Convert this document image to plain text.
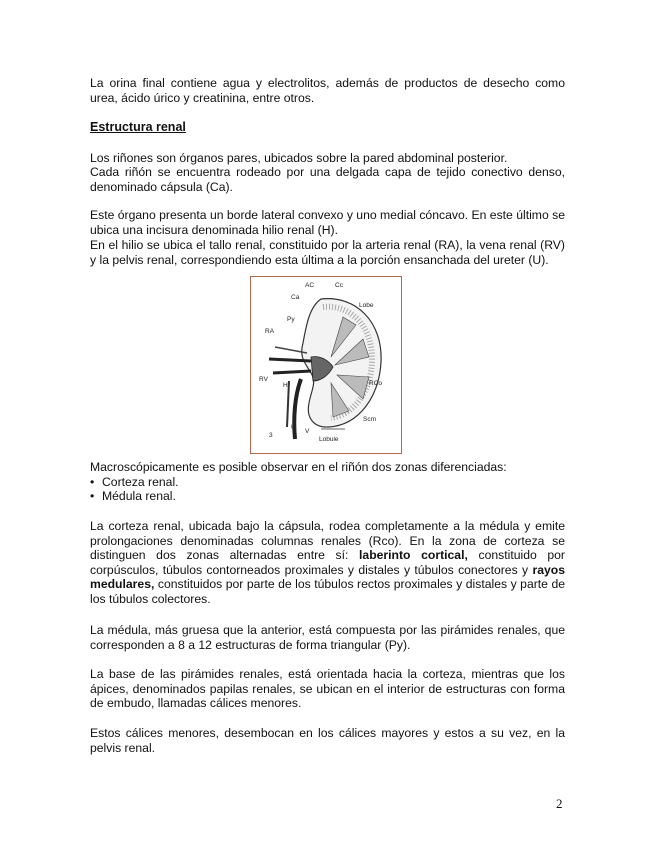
La orina final contiene agua y electrolitos, además de productos de desecho como urea, ácido úrico y creatinina, entre otros.

Estructura renal

Los riñones son órganos pares, ubicados sobre la pared abdominal posterior.

Cada riñón se encuentra rodeado por una delgada capa de tejido conectivo denso, denominado cápsula (Ca).

Este órgano presenta un borde lateral convexo y uno medial cóncavo. En este último se ubica una incisura denominada hilio renal (H).

En el hilio se ubica el tallo renal, constituido por la arteria renal (RA), la vena renal (RV) y la pelvis renal, correspondiendo esta última a la porción ensanchada del ureter (U).

AC	Cc
Ca
Lobe
Py
RA
H
RV
RCo
Scm
U
V
Lobule
3

Macroscópicamente es posible observar en el riñón dos zonas diferenciadas:

• Corteza renal.

• Médula renal.

La corteza renal, ubicada bajo la cápsula, rodea completamente a la médula y emite prolongaciones denominadas columnas renales (Rco). En la zona de corteza se distinguen dos zonas alternadas entre sí: laberinto cortical, constituido por corpúsculos, túbulos contorneados proximales y distales y túbulos conectores y rayos medulares, constituidos por parte de los túbulos rectos proximales y distales y parte de los túbulos colectores.

La médula, más gruesa que la anterior, está compuesta por las pirámides renales, que corresponden a 8 a 12 estructuras de forma triangular (Py).

La base de las pirámides renales, está orientada hacia la corteza, mientras que los ápices, denominados papilas renales, se ubican en el interior de estructuras con forma de embudo, llamadas cálices menores.

Estos cálices menores, desembocan en los cálices mayores y estos a su vez, en la pelvis renal.

2
